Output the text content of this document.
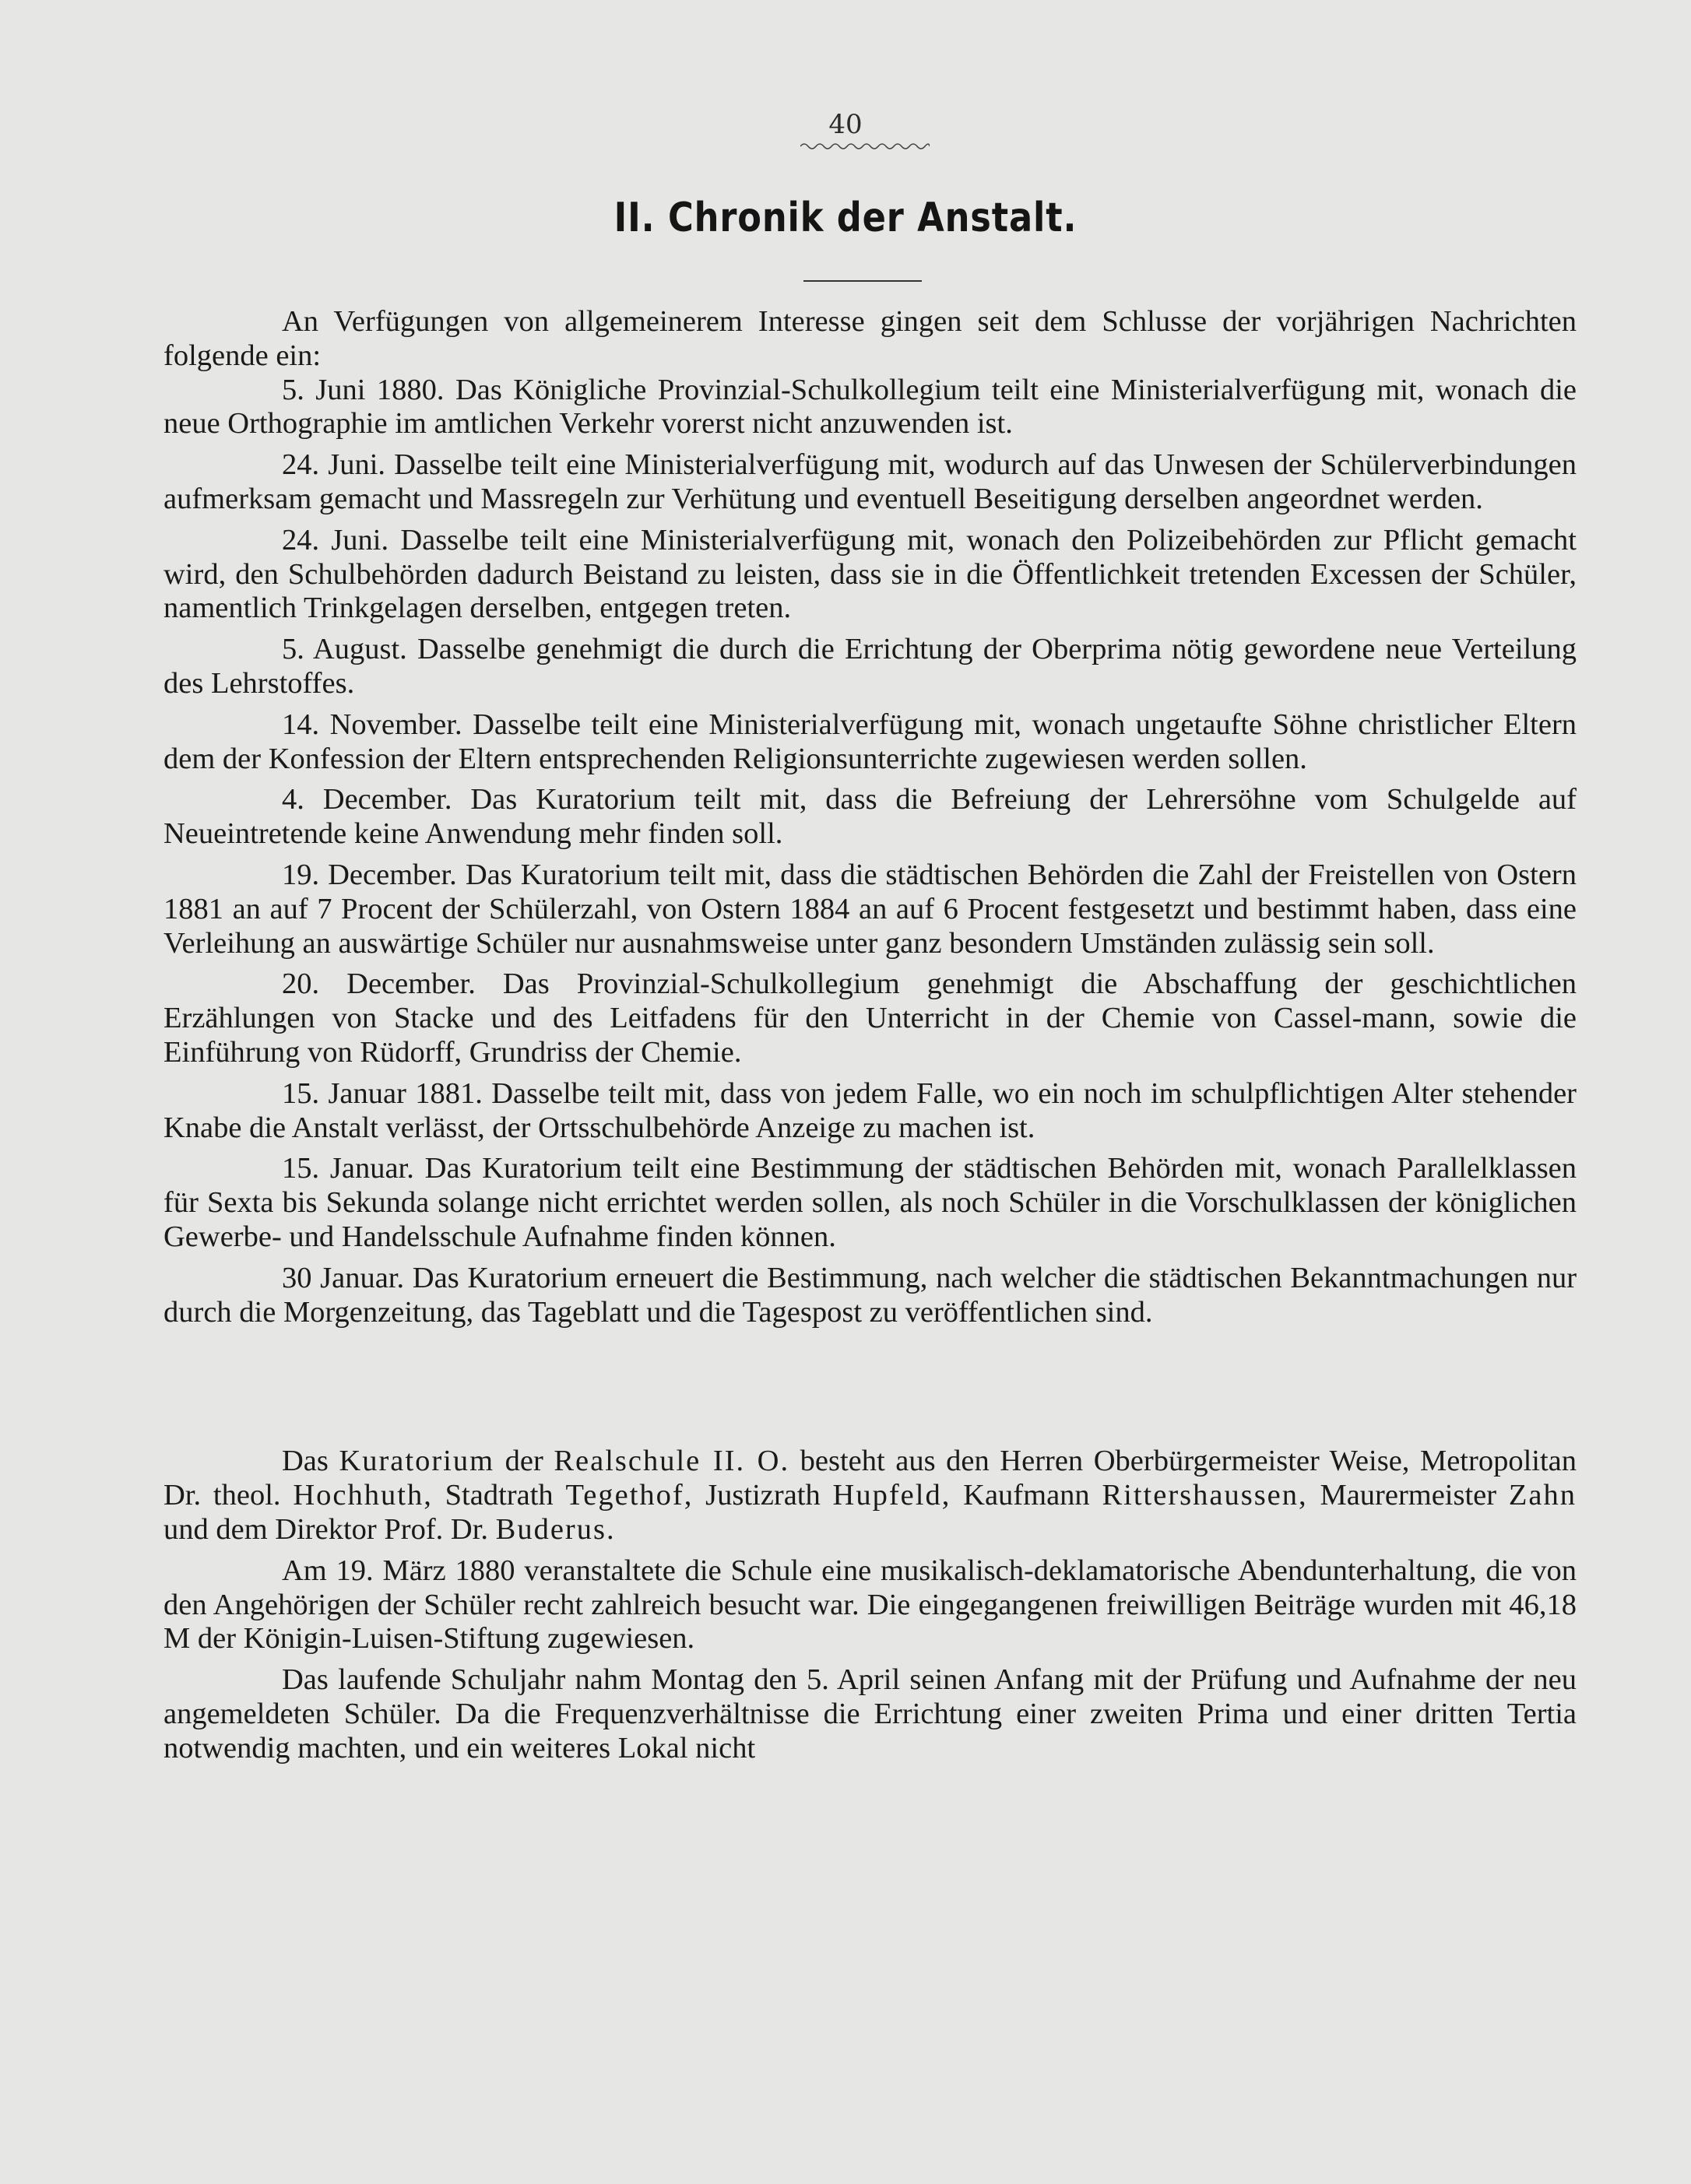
40

II. Chronik der Anstalt.

An Verfügungen von allgemeinerem Interesse gingen seit dem Schlusse der vorjährigen Nachrichten folgende ein:

5. Juni 1880. Das Königliche Provinzial-Schulkollegium teilt eine Ministerialverfügung mit, wonach die neue Orthographie im amtlichen Verkehr vorerst nicht anzuwenden ist.

24. Juni. Dasselbe teilt eine Ministerialverfügung mit, wodurch auf das Unwesen der Schülerverbindungen aufmerksam gemacht und Massregeln zur Verhütung und eventuell Beseitigung derselben angeordnet werden.

24. Juni. Dasselbe teilt eine Ministerialverfügung mit, wonach den Polizeibehörden zur Pflicht gemacht wird, den Schulbehörden dadurch Beistand zu leisten, dass sie in die Öffentlichkeit tretenden Excessen der Schüler, namentlich Trinkgelagen derselben, entgegen treten.

5. August. Dasselbe genehmigt die durch die Errichtung der Oberprima nötig gewordene neue Verteilung des Lehrstoffes.

14. November. Dasselbe teilt eine Ministerialverfügung mit, wonach ungetaufte Söhne christlicher Eltern dem der Konfession der Eltern entsprechenden Religionsunterrichte zugewiesen werden sollen.

4. December. Das Kuratorium teilt mit, dass die Befreiung der Lehrersöhne vom Schulgelde auf Neueintretende keine Anwendung mehr finden soll.

19. December. Das Kuratorium teilt mit, dass die städtischen Behörden die Zahl der Freistellen von Ostern 1881 an auf 7 Procent der Schülerzahl, von Ostern 1884 an auf 6 Procent festgesetzt und bestimmt haben, dass eine Verleihung an auswärtige Schüler nur ausnahmsweise unter ganz besondern Umständen zulässig sein soll.

20. December. Das Provinzial-Schulkollegium genehmigt die Abschaffung der geschichtlichen Erzählungen von Stacke und des Leitfadens für den Unterricht in der Chemie von Cassel-mann, sowie die Einführung von Rüdorff, Grundriss der Chemie.

15. Januar 1881. Dasselbe teilt mit, dass von jedem Falle, wo ein noch im schulpflichtigen Alter stehender Knabe die Anstalt verlässt, der Ortsschulbehörde Anzeige zu machen ist.

15. Januar. Das Kuratorium teilt eine Bestimmung der städtischen Behörden mit, wonach Parallelklassen für Sexta bis Sekunda solange nicht errichtet werden sollen, als noch Schüler in die Vorschulklassen der königlichen Gewerbe- und Handelsschule Aufnahme finden können.

30 Januar. Das Kuratorium erneuert die Bestimmung, nach welcher die städtischen Bekanntmachungen nur durch die Morgenzeitung, das Tageblatt und die Tagespost zu veröffentlichen sind.

Das Kuratorium der Realschule II. O. besteht aus den Herren Oberbürgermeister Weise, Metropolitan Dr. theol. Hochhuth, Stadtrath Tegethof, Justizrath Hupfeld, Kaufmann Rittershaussen, Maurermeister Zahn und dem Direktor Prof. Dr. Buderus.

Am 19. März 1880 veranstaltete die Schule eine musikalisch-deklamatorische Abendunterhaltung, die von den Angehörigen der Schüler recht zahlreich besucht war. Die eingegangenen freiwilligen Beiträge wurden mit 46,18 M der Königin-Luisen-Stiftung zugewiesen.

Das laufende Schuljahr nahm Montag den 5. April seinen Anfang mit der Prüfung und Aufnahme der neu angemeldeten Schüler. Da die Frequenzverhältnisse die Errichtung einer zweiten Prima und einer dritten Tertia notwendig machten, und ein weiteres Lokal nicht
